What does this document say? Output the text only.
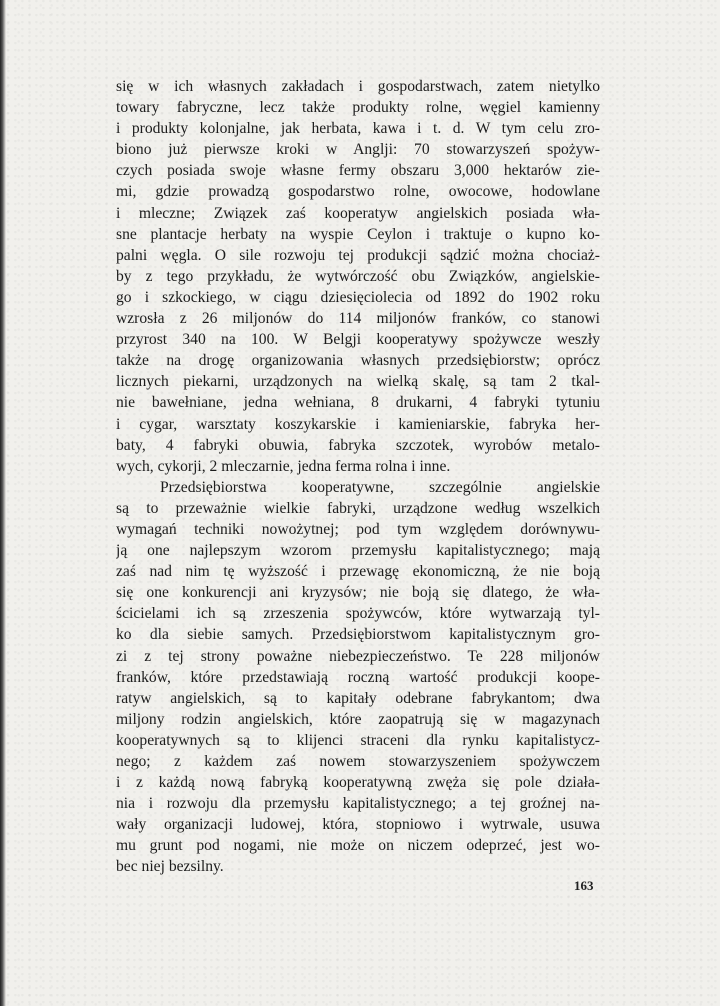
się w ich własnych zakładach i gospodarstwach, zatem nietylko
towary fabryczne, lecz także produkty rolne, węgiel kamienny
i produkty kolonjalne, jak herbata, kawa i t. d. W tym celu zro-
biono już pierwsze kroki w Anglji: 70 stowarzyszeń spożyw-
czych posiada swoje własne fermy obszaru 3,000 hektarów zie-
mi, gdzie prowadzą gospodarstwo rolne, owocowe, hodowlane
i mleczne; Związek zaś kooperatyw angielskich posiada wła-
sne plantacje herbaty na wyspie Ceylon i traktuje o kupno ko-
palni węgla. O sile rozwoju tej produkcji sądzić można chociaż-
by z tego przykładu, że wytwórczość obu Związków, angielskie-
go i szkockiego, w ciągu dziesięciolecia od 1892 do 1902 roku
wzrosła z 26 miljonów do 114 miljonów franków, co stanowi
przyrost 340 na 100. W Belgji kooperatywy spożywcze weszły
także na drogę organizowania własnych przedsiębiorstw; oprócz
licznych piekarni, urządzonych na wielką skalę, są tam 2 tkal-
nie bawełniane, jedna wełniana, 8 drukarni, 4 fabryki tytuniu
i cygar, warsztaty koszykarskie i kamieniarskie, fabryka her-
baty, 4 fabryki obuwia, fabryka szczotek, wyrobów metalo-
wych, cykorji, 2 mleczarnie, jedna ferma rolna i inne.

Przedsiębiorstwa kooperatywne, szczególnie angielskie
są to przeważnie wielkie fabryki, urządzone według wszelkich
wymagań techniki nowożytnej; pod tym względem dorównywu-
ją one najlepszym wzorom przemysłu kapitalistycznego; mają
zaś nad nim tę wyższość i przewagę ekonomiczną, że nie boją
się one konkurencji ani kryzysów; nie boją się dlatego, że wła-
ścicielami ich są zrzeszenia spożywców, które wytwarzają tyl-
ko dla siebie samych. Przedsiębiorstwom kapitalistycznym gro-
zi z tej strony poważne niebezpieczeństwo. Te 228 miljonów
franków, które przedstawiają roczną wartość produkcji koope-
ratyw angielskich, są to kapitały odebrane fabrykantom; dwa
miljony rodzin angielskich, które zaopatrują się w magazynach
kooperatywnych są to klijenci straceni dla rynku kapitalistycz-
nego; z każdem zaś nowem stowarzyszeniem spożywczem
i z każdą nową fabryką kooperatywną zwęża się pole działa-
nia i rozwoju dla przemysłu kapitalistycznego; a tej groźnej na-
wały organizacji ludowej, która, stopniowo i wytrwale, usuwa
mu grunt pod nogami, nie może on niczem odeprzeć, jest wo-
bec niej bezsilny.

163
